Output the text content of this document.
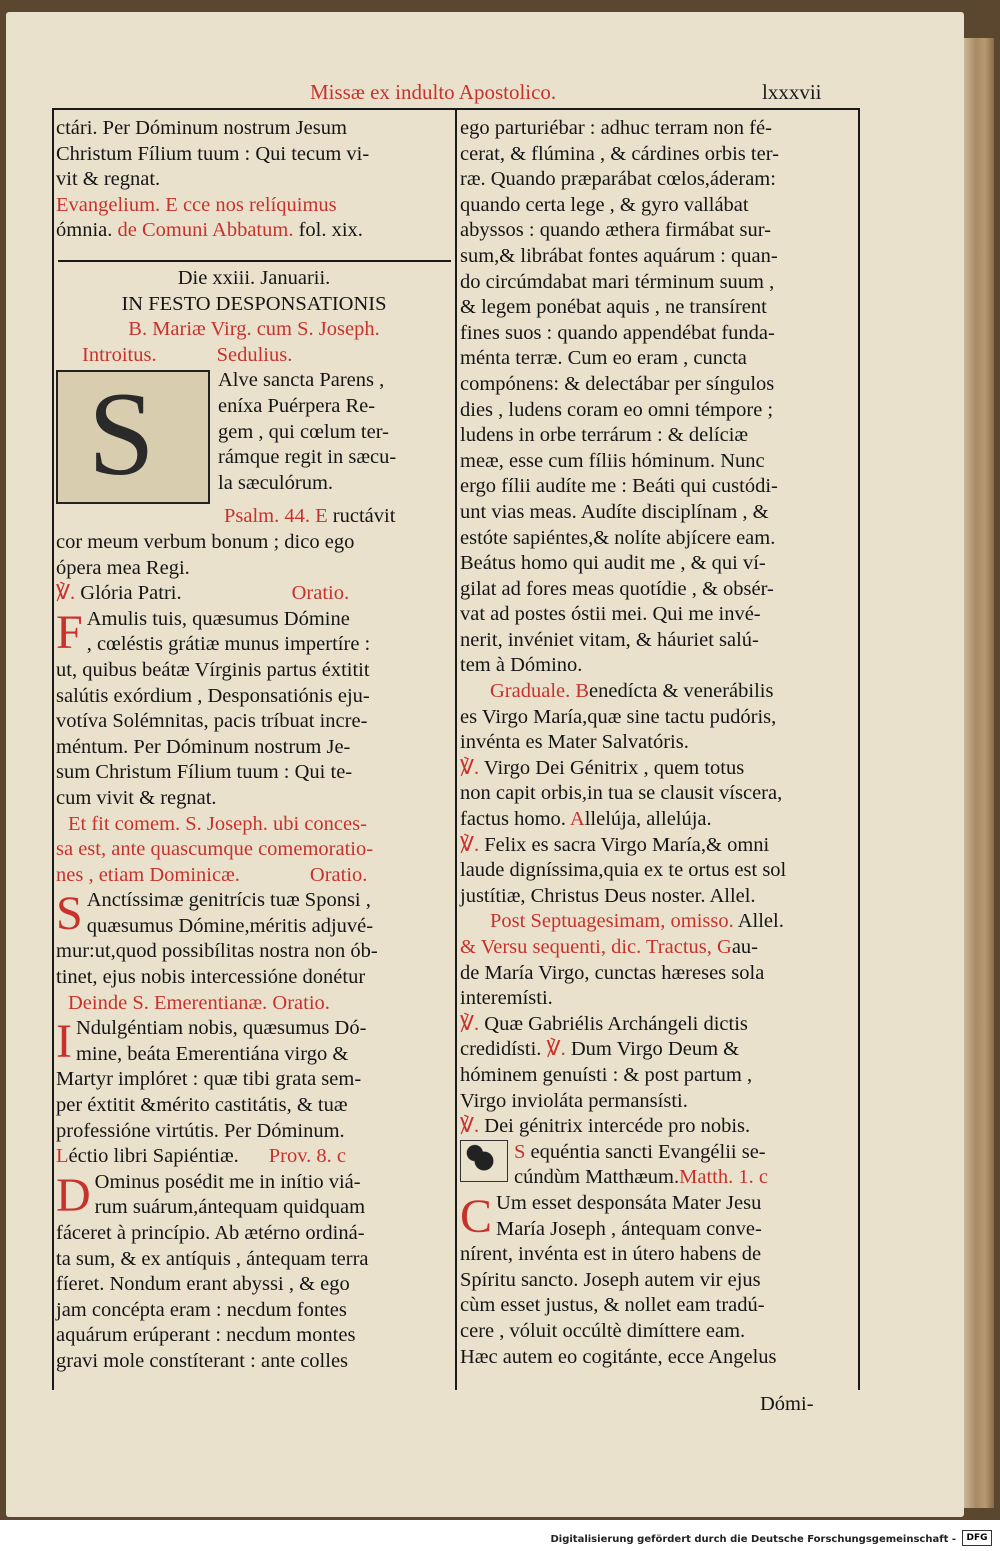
Missæ ex indulto Apostolico.	lxxxvii

ctári. Per Dóminum nostrum Jesum

Christum Fílium tuum : Qui tecum vi-

vit & regnat.

Evangelium. E cce nos relíquimus

ómnia. de Comuni Abbatum. fol. xix.

Die xxiii. Januarii.

IN FESTO DESPONSATIONIS

B. Mariæ Virg. cum S. Joseph.

Introitus.	Sedulius.

S	Alve sancta Parens ,

eníxa Puérpera Re-

gem , qui cœlum ter-

rámque regit in sæcu-

la sæculórum.

Psalm. 44. E ructávit

cor meum verbum bonum ; dico ego

ópera mea Regi.

℣. Glória Patri.	Oratio.

F Amulis tuis, quæsumus Dómine

, cœléstis grátiæ munus impertíre :

ut, quibus beátæ Vírginis partus éxtitit

salútis exórdium , Desponsatiónis eju-

votíva Solémnitas, pacis tríbuat incre-

méntum. Per Dóminum nostrum Je-

sum Christum Fílium tuum : Qui te-

cum vivit & regnat.

Et fit comem. S. Joseph. ubi conces-

sa est, ante quascumque comemoratio-

nes , etiam Dominicæ.	Oratio.

S Anctíssimæ genitrícis tuæ Sponsi ,

quæsumus Dómine,méritis adjuvé-

mur:ut,quod possibílitas nostra non ób-

tinet, ejus nobis intercessióne donétur

Deinde S. Emerentianæ. Oratio.

I Ndulgéntiam nobis, quæsumus Dó-

mine, beáta Emerentiána virgo &

Martyr implóret : quæ tibi grata sem-

per éxtitit &mérito castitátis, & tuæ

professióne virtútis. Per Dóminum.

Léctio libri Sapiéntiæ. Prov. 8. c

D Ominus posédit me in inítio viá-

rum suárum,ántequam quidquam

fáceret à princípio. Ab ætérno ordiná-

ta sum, & ex antíquis , ántequam terra

fíeret. Nondum erant abyssi , & ego

jam concépta eram : necdum fontes

aquárum erúperant : necdum montes

gravi mole constíterant : ante colles

ego parturiébar : adhuc terram non fé-

cerat, & flúmina , & cárdines orbis ter-

ræ. Quando præparábat cœlos,áderam:

quando certa lege , & gyro vallábat

abyssos : quando æthera firmábat sur-

sum,& librábat fontes aquárum : quan-

do circúmdabat mari términum suum ,

& legem ponébat aquis , ne transírent

fines suos : quando appendébat funda-

ménta terræ. Cum eo eram , cuncta

compónens: & delectábar per síngulos

dies , ludens coram eo omni témpore ;

ludens in orbe terrárum : & delíciæ

meæ, esse cum fíliis hóminum. Nunc

ergo fílii audíte me : Beáti qui custódi-

unt vias meas. Audíte disciplínam , &

estóte sapiéntes,& nolíte abjícere eam.

Beátus homo qui audit me , & qui ví-

gilat ad fores meas quotídie , & obsér-

vat ad postes óstii mei. Qui me invé-

nerit, invéniet vitam, & háuriet salú-

tem à Dómino.

Graduale. Benedícta & venerábilis

es Virgo María,quæ sine tactu pudóris,

invénta es Mater Salvatóris.

℣. Virgo Dei Génitrix , quem totus

non capit orbis,in tua se clausit víscera,

factus homo. Allelúja, allelúja.

℣. Felix es sacra Virgo María,& omni

laude digníssima,quia ex te ortus est sol

justítiæ, Christus Deus noster. Allel.

Post Septuagesimam, omisso. Allel.

& Versu sequenti, dic. Tractus, Gau-

de María Virgo, cunctas hæreses sola

interemísti.

℣. Quæ Gabriélis Archángeli dictis

credidísti. ℣. Dum Virgo Deum &

hóminem genuísti : & post partum ,

Virgo invioláta permansísti.

℣. Dei génitrix intercéde pro nobis.

S equéntia sancti Evangélii se-

cúndùm Matthæum.Matth. 1. c

C Um esset desponsáta Mater Jesu

María Joseph , ántequam conve-

nírent, invénta est in útero habens de

Spíritu sancto. Joseph autem vir ejus

cùm esset justus, & nollet eam tradú-

cere , vóluit occúltè dimíttere eam.

Hæc autem eo cogitánte, ecce Angelus

Dómi-
Digitalisierung gefördert durch die Deutsche Forschungsgemeinschaft -	DFG
